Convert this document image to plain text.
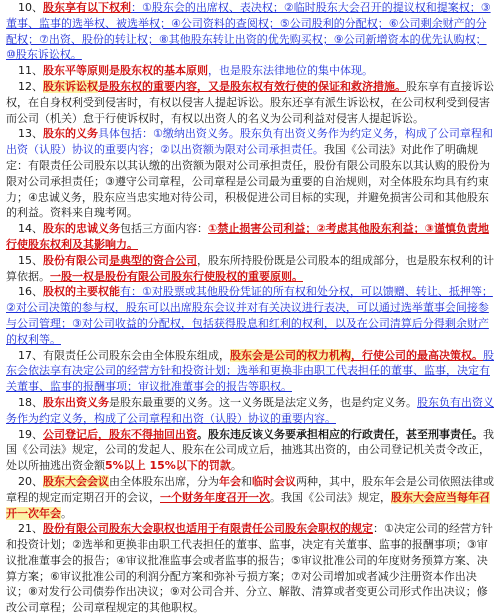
10、股东享有以下权利：①股东会的出席权、表决权；②临时股东大会召开的提议权和提案权；③董事、监事的选举权、被选举权；④公司资料的查阅权；⑤公司股利的分配权；⑥公司剩余财产的分配权；⑦出资、股份的转让权；⑧其他股东转让出资的优先购买权；⑨公司新增资本的优先认购权；⑩股东诉讼权。

11、股东平等原则是股东权的基本原则，也是股东法律地位的集中体现。

12、股东诉讼权是股东权的重要内容，又是股东权有效行使的保证和救济措施。股东享有直接诉讼权，在自身权利受到侵害时，有权以侵害人提起诉讼。股东还享有派生诉讼权，在公司权利受到侵害而公司（机关）怠于行使诉权时，有权以出资人的名义为公司利益对侵害人提起诉讼。

13、股东的义务具体包括：①缴纳出资义务。股东负有出资义务作为约定义务，构成了公司章程和出资（认股）协议的重要内容；②以出资额为限对公司承担责任。我国《公司法》对此作了明确规定：有限责任公司股东以其认缴的出资额为限对公司承担责任，股份有限公司股东以其认购的股份为限对公司承担责任；③遵守公司章程，公司章程是公司最为重要的自治规则，对全体股东均具有约束力；④忠诚义务，股东应当忠实地对待公司，积极促进公司目标的实现，并避免损害公司和其他股东的利益。资料来自瑰考网。

14、股东的忠诚义务包括三方面内容：①禁止损害公司利益；②考虑其他股东利益；③谨慎负责地行使股东权利及其影响力。

15、股份有限公司是典型的资合公司，股东所持股份既是公司股本的组成部分，也是股东权利的计算依据。一股一权是股份有限公司股东行使股权的重要原则。

16、股权的主要权能有：①对股票或其他股份凭证的所有权和处分权，可以馈赠、转让、抵押等；②对公司决策的参与权，股东可以出席股东会议并对有关决议进行表决，可以通过选举董事会间接参与公司管理；③对公司收益的分配权，包括获得股息和红利的权利，以及在公司清算后分得剩余财产的权利等。

17、有限责任公司股东会由全体股东组成，股东会是公司的权力机构，行使公司的最高决策权。股东会依法享有决定公司的经营方针和投资计划；选举和更换非由职工代表担任的董事、监事，决定有关董事、监事的报酬事项；审议批准董事会的报告等职权。

18、股东出资义务是股东最重要的义务。这一义务既是法定义务，也是约定义务。股东负有出资义务作为约定义务，构成了公司章程和出资（认股）协议的重要内容。

19、公司登记后，股东不得抽回出资。股东违反该义务要承担相应的行政责任，甚至刑事责任。我国《公司法》规定，公司的发起人、股东在公司成立后，抽逃其出资的，由公司登记机关责令改正，处以所抽逃出资金额5%以上 15%以下的罚款。

20、股东大会会议由全体股东出席，分为年会和临时会议两种，其中，股东年会是公司依照法律或章程的规定而定期召开的会议，一个财务年度召开一次。我国《公司法》规定，股东大会应当每年召开一次年会。

21、股份有限公司股东大会职权也适用于有限责任公司股东会职权的规定：①决定公司的经营方针和投资计划；②选举和更换非由职工代表担任的董事、监事，决定有关董事、监事的报酬事项；③审议批准董事会的报告；④审议批准监事会或者监事的报告；⑤审议批准公司的年度财务预算方案、决算方案；⑥审议批准公司的利润分配方案和弥补亏损方案；⑦对公司增加或者减少注册资本作出决议；⑧对发行公司债券作出决议；⑨对公司合并、分立、解散、清算或者变更公司形式作出决议；修改公司章程；公司章程规定的其他职权。
